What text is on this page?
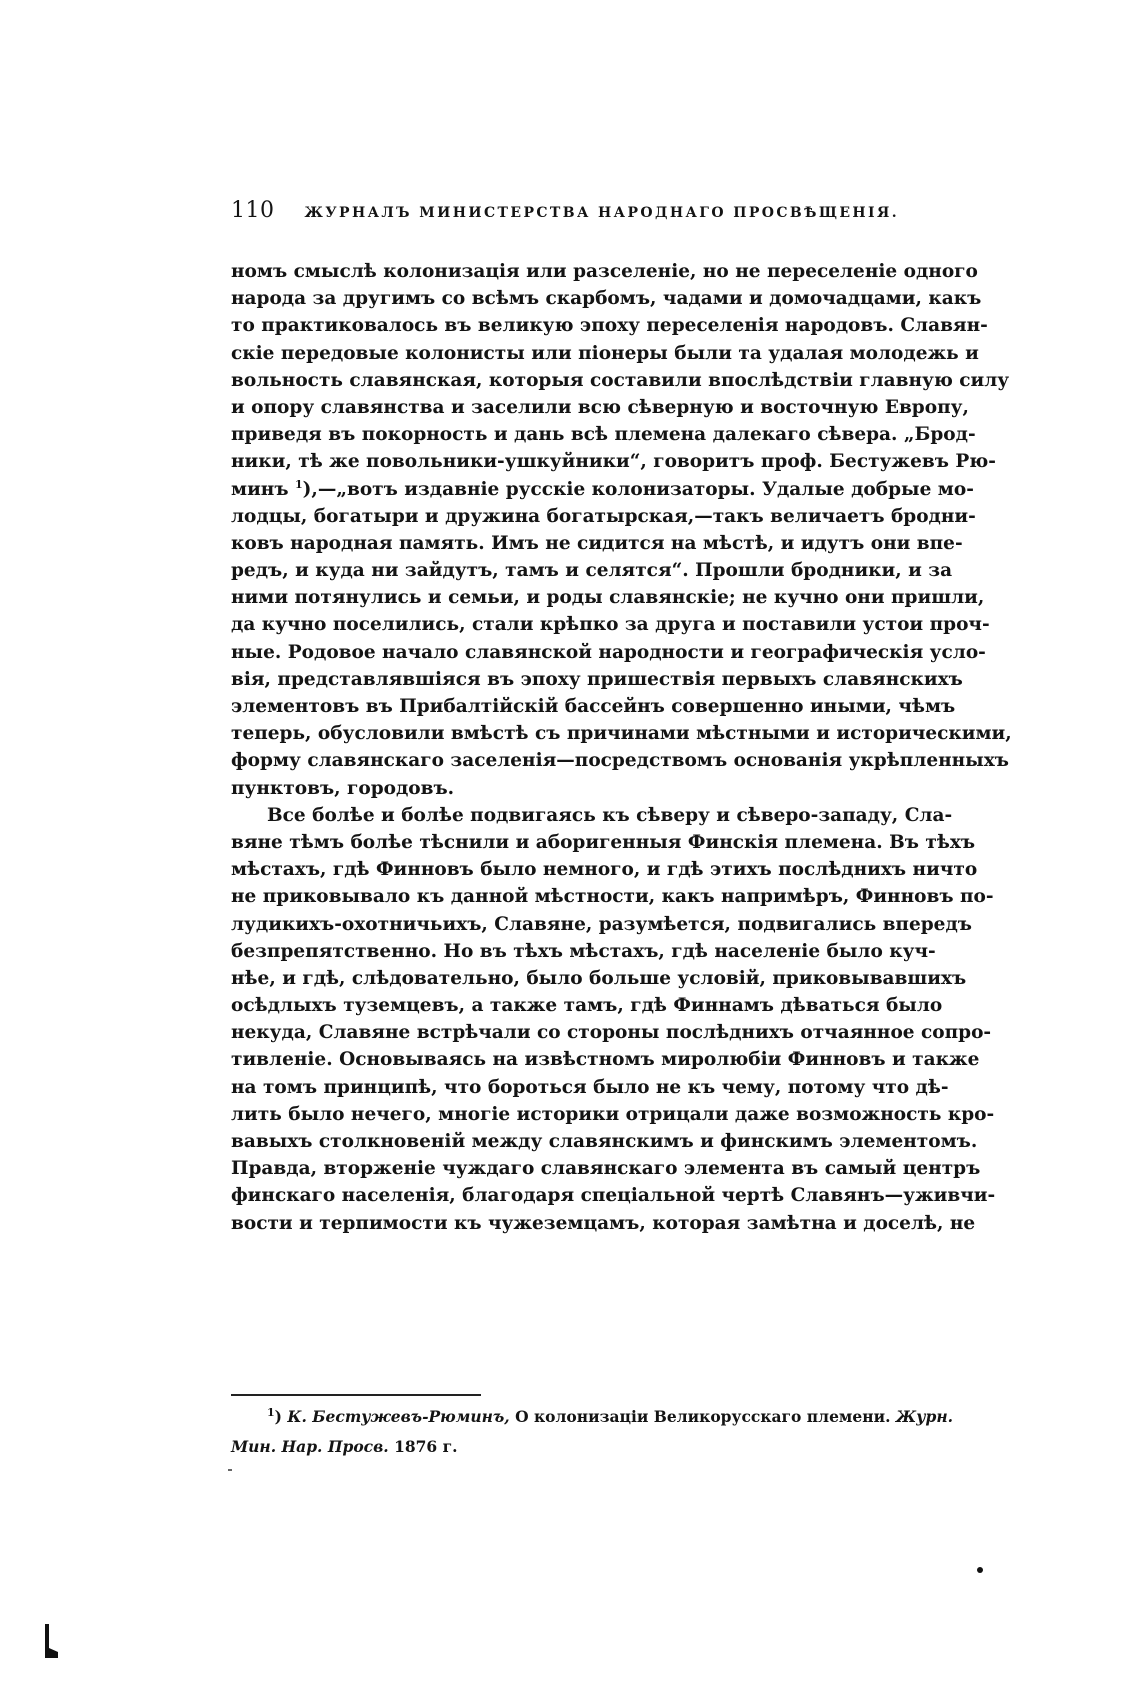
110 ЖУРНАЛЪ МИНИСТЕРСТВА НАРОДНАГО ПРОСВѢЩЕНІЯ.
номъ смыслѣ колонизація или разселеніе, но не переселеніе одного
народа за другимъ со всѣмъ скарбомъ, чадами и домочадцами, какъ
то практиковалось въ великую эпоху переселенія народовъ. Славян-
скіе передовые колонисты или піонеры были та удалая молодежь и
вольность славянская, которыя составили впослѣдствіи главную силу
и опору славянства и заселили всю сѣверную и восточную Европу,
приведя въ покорность и дань всѣ племена далекаго сѣвера. „Брод-
ники, тѣ же повольники-ушкуйники“, говоритъ проф. Бестужевъ Рю-
минъ $^1$),—„вотъ издавніе русскіе колонизаторы. Удалые добрые мо-
лодцы, богатыри и дружина богатырская,—такъ величаетъ бродни-
ковъ народная память. Имъ не сидится на мѣстѣ, и идутъ они впе-
редъ, и куда ни зайдутъ, тамъ и селятся“. Прошли бродники, и за
ними потянулись и семьи, и роды славянскіе; не кучно они пришли,
да кучно поселились, стали крѣпко за друга и поставили устои проч-
ные. Родовое начало славянской народности и географическія усло-
вія, представлявшіяся въ эпоху пришествія первыхъ славянскихъ
элементовъ въ Прибалтійскій бассейнъ совершенно иными, чѣмъ
теперь, обусловили вмѣстѣ съ причинами мѣстными и историческими,
форму славянскаго заселенія—посредствомъ основанія укрѣпленныхъ
пунктовъ, городовъ.
Все болѣе и болѣе подвигаясь къ сѣверу и сѣверо-западу, Сла-
вяне тѣмъ болѣе тѣснили и аборигенныя Финскія племена. Въ тѣхъ
мѣстахъ, гдѣ Финновъ было немного, и гдѣ этихъ послѣднихъ ничто
не приковывало къ данной мѣстности, какъ напримѣръ, Финновъ по-
лудикихъ-охотничьихъ, Славяне, разумѣется, подвигались впередъ
безпрепятственно. Но въ тѣхъ мѣстахъ, гдѣ населеніе было куч-
нѣе, и гдѣ, слѣдовательно, было больше условій, приковывавшихъ
осѣдлыхъ туземцевъ, а также тамъ, гдѣ Финнамъ дѣваться было
некуда, Славяне встрѣчали со стороны послѣднихъ отчаянное сопро-
тивленіе. Основываясь на извѣстномъ миролюбіи Финновъ и также
на томъ принципѣ, что бороться было не къ чему, потому что дѣ-
лить было нечего, многіе историки отрицали даже возможность кро-
вавыхъ столкновеній между славянскимъ и финскимъ элементомъ.
Правда, вторженіе чуждаго славянскаго элемента въ самый центръ
финскаго населенія, благодаря спеціальной чертѣ Славянъ—уживчи-
вости и терпимости къ чужеземцамъ, которая замѣтна и доселѣ, не
$^1$) К. Бестужевъ-Рюминъ, О колонизаціи Великорусскаго племени. Журн.
Мин. Нар. Просв. 1876 г.
